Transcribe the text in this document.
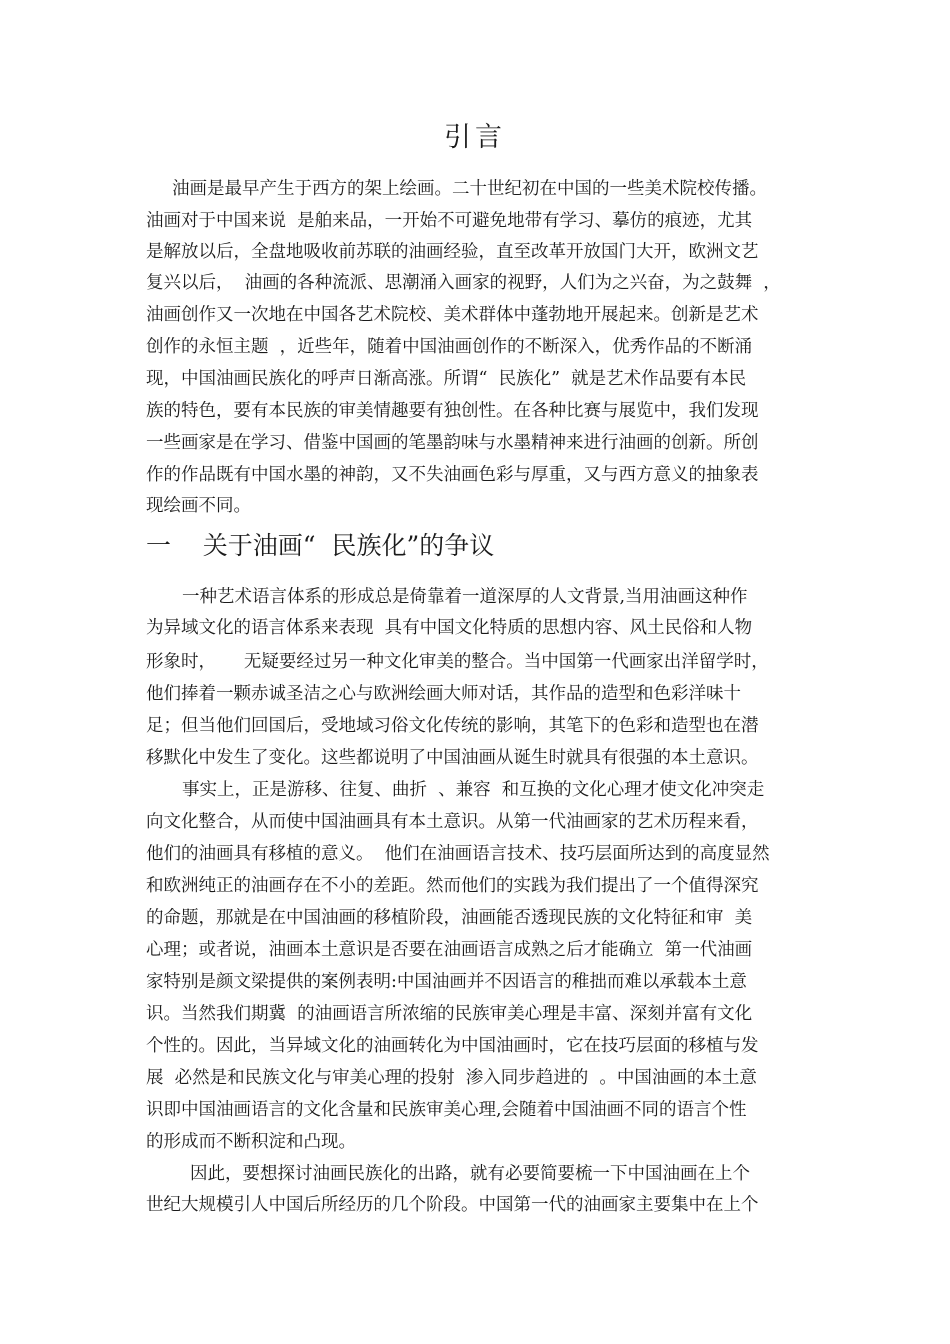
引言
油画是最早产生于西方的架上绘画。二十世纪初在中国的一些美术院校传播。
油画对于中国来说  是舶来品，一开始不可避免地带有学习、摹仿的痕迹，尤其
是解放以后，全盘地吸收前苏联的油画经验，直至改革开放国门大开，欧洲文艺
复兴以后，  油画的各种流派、思潮涌入画家的视野，人们为之兴奋，为之鼓舞  ，
油画创作又一次地在中国各艺术院校、美术群体中蓬勃地开展起来。创新是艺术
创作的永恒主题  ，近些年，随着中国油画创作的不断深入，优秀作品的不断涌
现，中国油画民族化的呼声日渐高涨。所谓“  民族化”  就是艺术作品要有本民
族的特色，要有本民族的审美情趣要有独创性。在各种比赛与展览中，我们发现
一些画家是在学习、借鉴中国画的笔墨韵味与水墨精神来进行油画的创新。所创
作的作品既有中国水墨的神韵，又不失油画色彩与厚重，又与西方意义的抽象表
现绘画不同。
一    关于油画“  民族化”的争议
一种艺术语言体系的形成总是倚靠着一道深厚的人文背景,当用油画这种作
为异域文化的语言体系来表现  具有中国文化特质的思想内容、风土民俗和人物
形象时，     无疑要经过另一种文化审美的整合。当中国第一代画家出洋留学时，
他们捧着一颗赤诚圣洁之心与欧洲绘画大师对话，其作品的造型和色彩洋味十
足；但当他们回国后，受地域习俗文化传统的影响，其笔下的色彩和造型也在潜
移默化中发生了变化。这些都说明了中国油画从诞生时就具有很强的本土意识。
事实上，正是游移、往复、曲折  、兼容  和互换的文化心理才使文化冲突走
向文化整合，从而使中国油画具有本土意识。从第一代油画家的艺术历程来看，
他们的油画具有移植的意义。  他们在油画语言技术、技巧层面所达到的高度显然
和欧洲纯正的油画存在不小的差距。然而他们的实践为我们提出了一个值得深究
的命题，那就是在中国油画的移植阶段，油画能否透现民族的文化特征和审  美
心理；或者说，油画本土意识是否要在油画语言成熟之后才能确立  第一代油画
家特别是颜文梁提供的案例表明:中国油画并不因语言的稚拙而难以承载本土意
识。当然我们期冀  的油画语言所浓缩的民族审美心理是丰富、深刻并富有文化
个性的。因此，当异域文化的油画转化为中国油画时，它在技巧层面的移植与发
展  必然是和民族文化与审美心理的投射  渗入同步趋进的  。中国油画的本土意
识即中国油画语言的文化含量和民族审美心理,会随着中国油画不同的语言个性
的形成而不断积淀和凸现。
因此，要想探讨油画民族化的出路，就有必要简要梳一下中国油画在上个
世纪大规模引人中国后所经历的几个阶段。中国第一代的油画家主要集中在上个
